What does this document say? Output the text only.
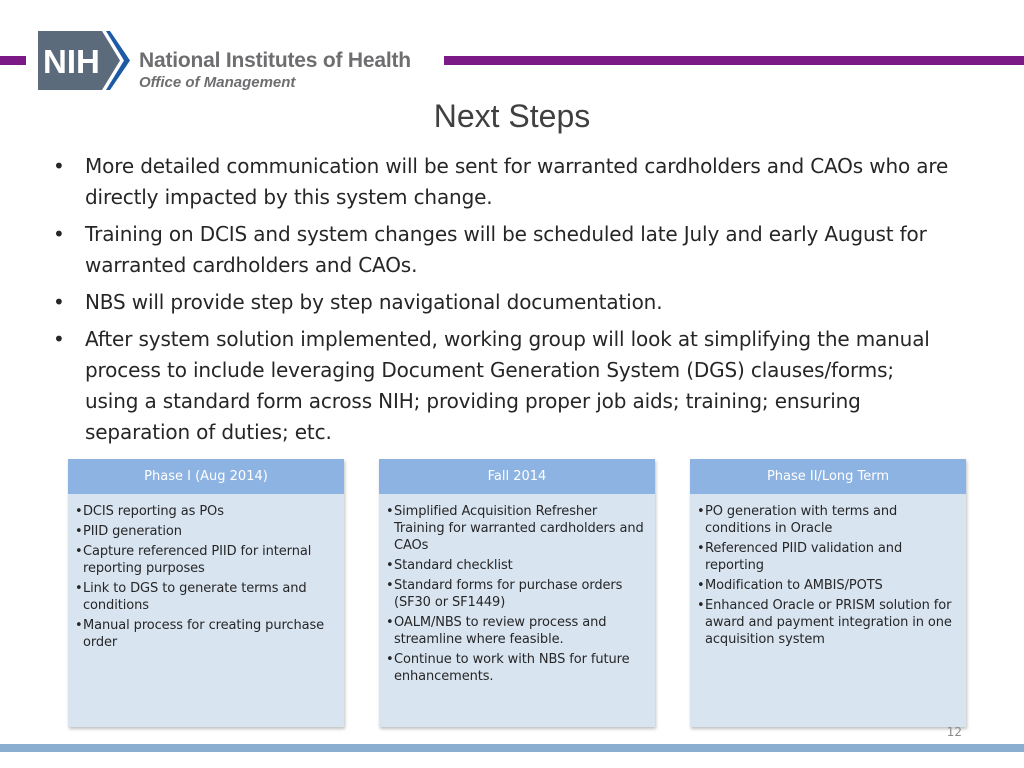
NIH National Institutes of Health
Office of Management
Next Steps
• More detailed communication will be sent for warranted cardholders and CAOs who are directly impacted by this system change.
• Training on DCIS and system changes will be scheduled late July and early August for warranted cardholders and CAOs.
• NBS will provide step by step navigational documentation.
• After system solution implemented, working group will look at simplifying the manual process to include leveraging Document Generation System (DGS) clauses/forms; using a standard form across NIH; providing proper job aids; training; ensuring separation of duties; etc.
Phase I (Aug 2014)
• DCIS reporting as POs
• PIID generation
• Capture referenced PIID for internal reporting purposes
• Link to DGS to generate terms and conditions
• Manual process for creating purchase order
Fall 2014
• Simplified Acquisition Refresher Training for warranted cardholders and CAOs
• Standard checklist
• Standard forms for purchase orders (SF30 or SF1449)
• OALM/NBS to review process and streamline where feasible.
• Continue to work with NBS for future enhancements.
Phase II/Long Term
• PO generation with terms and conditions in Oracle
• Referenced PIID validation and reporting
• Modification to AMBIS/POTS
• Enhanced Oracle or PRISM solution for award and payment integration in one acquisition system
12
